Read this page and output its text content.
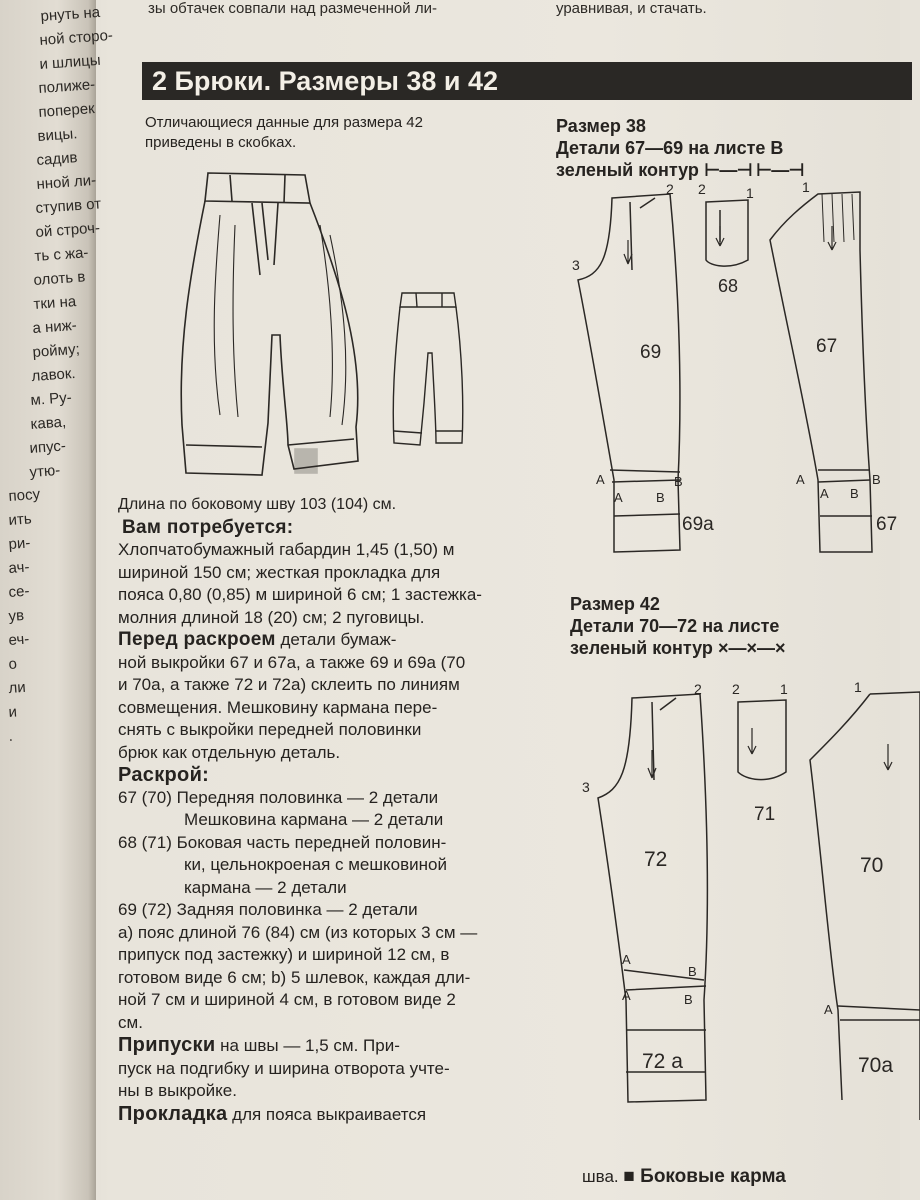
рнуть на
ной сторо-
и шлицы
полиже-
поперек
вицы.
садив
нной ли-
ступив от
ой строч-
ть с жа-
олоть в
тки на
а ниж-
ройму;
лавок.
м. Ру-
кава,
ипус-
утю-
посу
ить
ри-
ач-
се-
ув
еч-
о
ли
и
.
зы обтачек совпали над размеченной ли-	уравнивая, и стачать.
2 Брюки. Размеры 38 и 42
Отличающиеся данные для размера 42
приведены в скобках.
Размер 38
Детали 67—69 на листе В
зеленый контур ⊢—⊣ ⊢—⊣
Размер 42
Детали 70—72 на листе
зеленый контур ×—×—×
69
68
67
69а	67
2 2	1	1
3
A
A
B
B
A
A
B
B
72
71
70
72 а	70а
2 2	1	1
3
A
A
B
B
A
Длина по боковому шву 103 (104) см.
Вам потребуется:
Хлопчатобумажный габардин 1,45 (1,50) м
шириной 150 см; жесткая прокладка для
пояса 0,80 (0,85) м шириной 6 см; 1 застежка-
молния длиной 18 (20) см; 2 пуговицы.
Перед раскроем детали бумаж-
ной выкройки 67 и 67а, а также 69 и 69а (70
и 70а, а также 72 и 72а) склеить по линиям
совмещения. Мешковину кармана пере-
снять с выкройки передней половинки
брюк как отдельную деталь.
Раскрой:
67 (70) Передняя половинка — 2 детали
Мешковина кармана — 2 детали
68 (71) Боковая часть передней половин-
ки, цельнокроеная с мешковиной
кармана — 2 детали
69 (72) Задняя половинка — 2 детали
а) пояс длиной 76 (84) см (из которых 3 см —
припуск под застежку) и шириной 12 см, в
готовом виде 6 см; b) 5 шлевок, каждая дли-
ной 7 см и шириной 4 см, в готовом виде 2
см.
Припуски на швы — 1,5 см. При-
пуск на подгибку и ширина отворота учте-
ны в выкройке.
Прокладка для пояса выкраивается
шва. ■ Боковые карма
